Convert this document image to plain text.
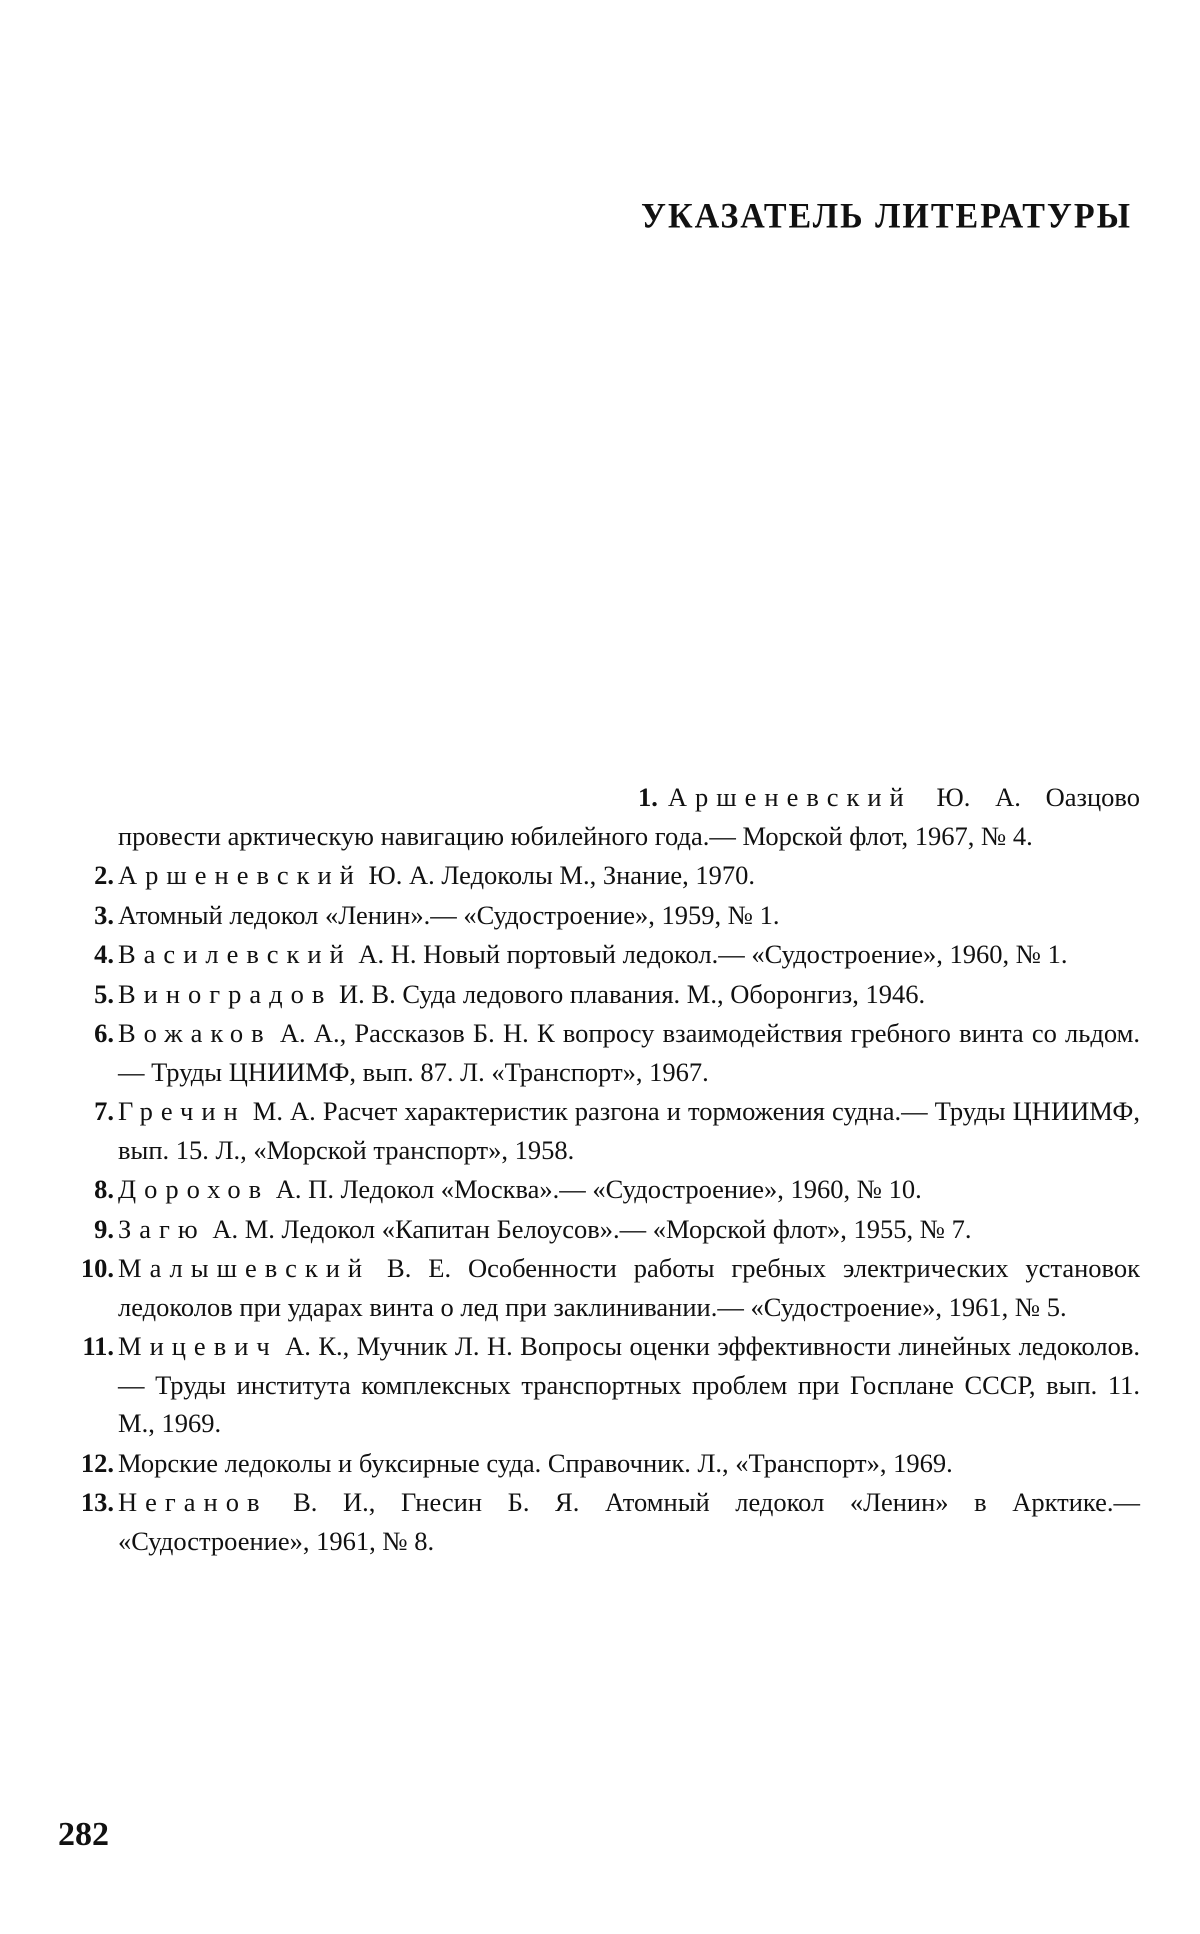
УКАЗАТЕЛЬ ЛИТЕРАТУРЫ
1. Аршеневский Ю. А. Оазцово провести арктическую навигацию юбилейного года.— Морской флот, 1967, № 4.
2. Аршеневский Ю. А. Ледоколы М., Знание, 1970.
3. Атомный ледокол «Ленин».— «Судостроение», 1959, № 1.
4. Василевский А. Н. Новый портовый ледокол.— «Судостроение», 1960, № 1.
5. Виноградов И. В. Суда ледового плавания. М., Оборонгиз, 1946.
6. Вожаков А. А., Рассказов Б. Н. К вопросу взаимодействия гребного винта со льдом.— Труды ЦНИИМФ, вып. 87. Л. «Транспорт», 1967.
7. Гречин М. А. Расчет характеристик разгона и торможения судна.— Труды ЦНИИМФ, вып. 15. Л., «Морской транспорт», 1958.
8. Дорохов А. П. Ледокол «Москва».— «Судостроение», 1960, № 10.
9. Загю А. М. Ледокол «Капитан Белоусов».— «Морской флот», 1955, № 7.
10. Малышевский В. Е. Особенности работы гребных электрических установок ледоколов при ударах винта о лед при заклинивании.— «Судостроение», 1961, № 5.
11. Мицевич А. К., Мучник Л. Н. Вопросы оценки эффективности линейных ледоколов.— Труды института комплексных транспортных проблем при Госплане СССР, вып. 11. М., 1969.
12. Морские ледоколы и буксирные суда. Справочник. Л., «Транспорт», 1969.
13. Неганов В. И., Гнесин Б. Я. Атомный ледокол «Ленин» в Арктике.— «Судостроение», 1961, № 8.
282
